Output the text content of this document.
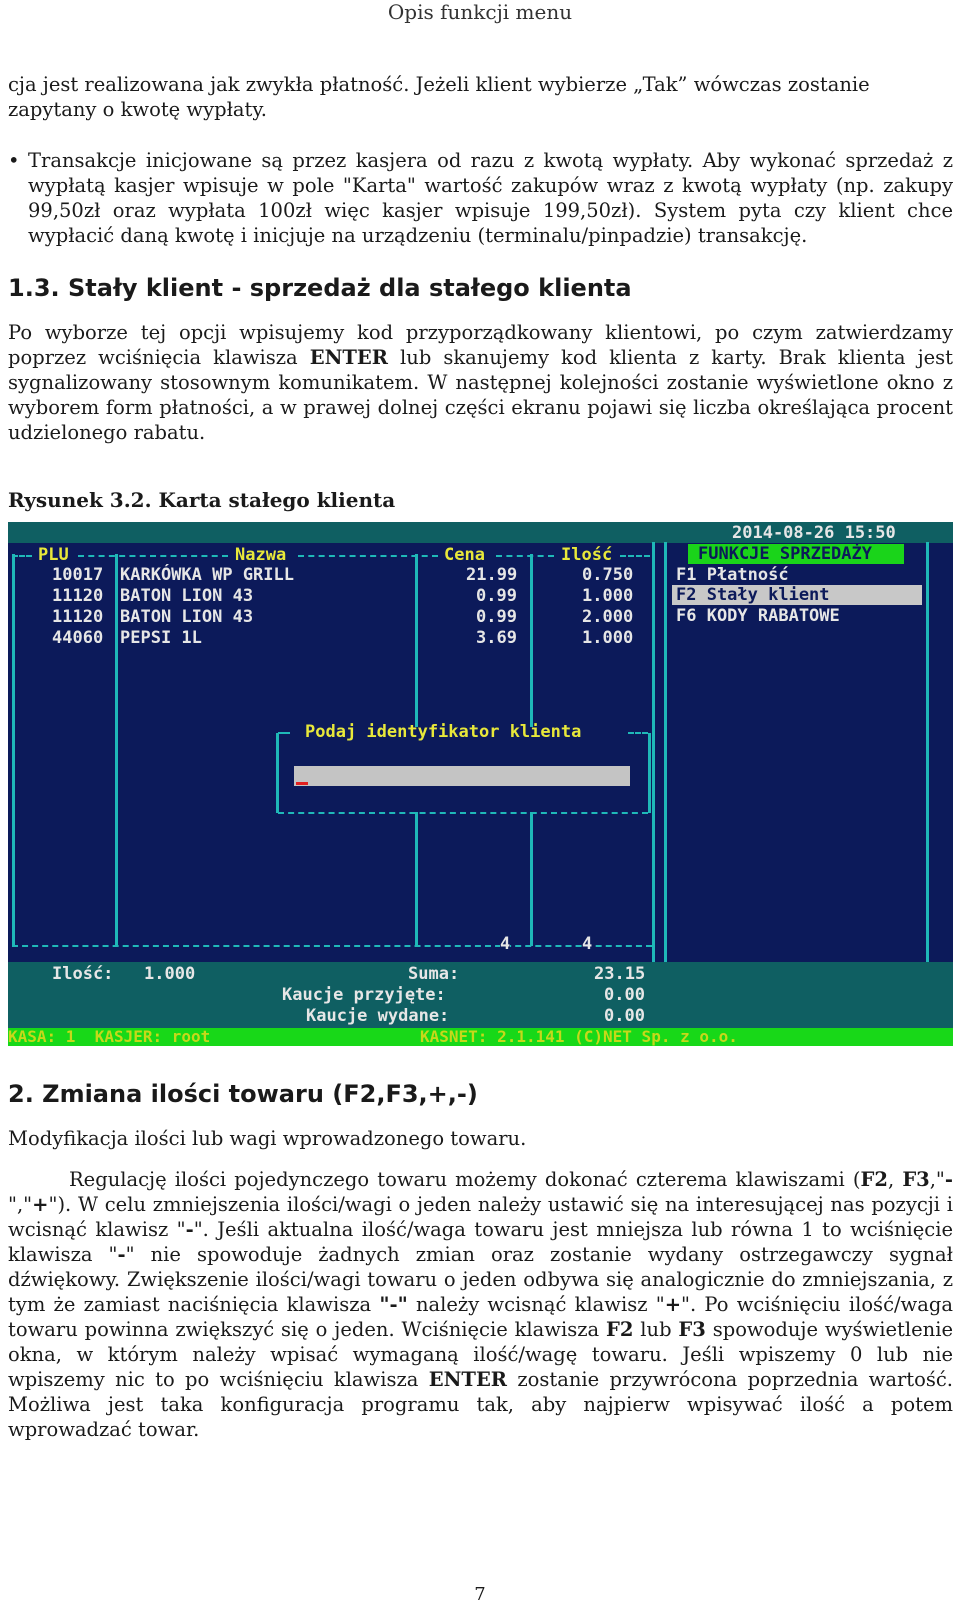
Opis funkcji menu
cja jest realizowana jak zwykła płatność. Jeżeli klient wybierze „Tak” wówczas zostanie
zapytany o kwotę wypłaty.
• Transakcje inicjowane są przez kasjera od razu z kwotą wypłaty. Aby wykonać sprzedaż z wypłatą kasjer wpisuje w pole "Karta" wartość zakupów wraz z kwotą wypłaty (np. zakupy 99,50zł oraz wypłata 100zł więc kasjer wpisuje 199,50zł). System pyta czy klient chce wypłacić daną kwotę i inicjuje na urządzeniu (terminalu/pinpadzie) transakcję.
1.3. Stały klient - sprzedaż dla stałego klienta
Po wyborze tej opcji wpisujemy kod przyporządkowany klientowi, po czym zatwierdzamy poprzez wciśnięcia klawisza ENTER lub skanujemy kod klienta z karty. Brak klienta jest sygnalizowany stosownym komunikatem. W następnej kolejności zostanie wyświetlone okno z wyborem form płatności, a w prawej dolnej części ekranu pojawi się liczba określająca procent udzielonego rabatu.
Rysunek 3.2. Karta stałego klienta
2014-08-26 15:50
PLU	Nazwa	Cena	Ilość
10017 KARKÓWKA WP GRILL	21.99	0.750
11120 BATON LION 43	0.99	1.000
11120 BATON LION 43	0.99	2.000
44060 PEPSI 1L	3.69	1.000
FUNKCJE SPRZEDAŻY
F1 Płatność
F2 Stały klient
F6 KODY RABATOWE
Podaj identyfikator klienta
4	4
Ilość: 1.000	Suma:	23.15
Kaucje przyjęte:	0.00
Kaucje wydane:	0.00
KASA: 1  KASJER: root	KASNET: 2.1.141 (C)NET Sp. z o.o.
2. Zmiana ilości towaru (F2,F3,+,-)
Modyfikacja ilości lub wagi wprowadzonego towaru.
Regulację ilości pojedynczego towaru możemy dokonać czterema klawiszami (F2, F3,"-","+"). W celu zmniejszenia ilości/wagi o jeden należy ustawić się na interesującej nas pozycji i wcisnąć klawisz "-". Jeśli aktualna ilość/waga towaru jest mniejsza lub równa 1 to wciśnięcie klawisza "-" nie spowoduje żadnych zmian oraz zostanie wydany ostrzegawczy sygnał dźwiękowy. Zwiększenie ilości/wagi towaru o jeden odbywa się analogicznie do zmniejszania, z tym że zamiast naciśnięcia klawisza "-" należy wcisnąć klawisz "+". Po wciśnięciu ilość/waga towaru powinna zwiększyć się o jeden. Wciśnięcie klawisza F2 lub F3 spowoduje wyświetlenie okna, w którym należy wpisać wymaganą ilość/wagę towaru. Jeśli wpiszemy 0 lub nie wpiszemy nic to po wciśnięciu klawisza ENTER zostanie przywrócona poprzednia wartość. Możliwa jest taka konfiguracja programu tak, aby najpierw wpisywać ilość a potem wprowadzać towar.
7
